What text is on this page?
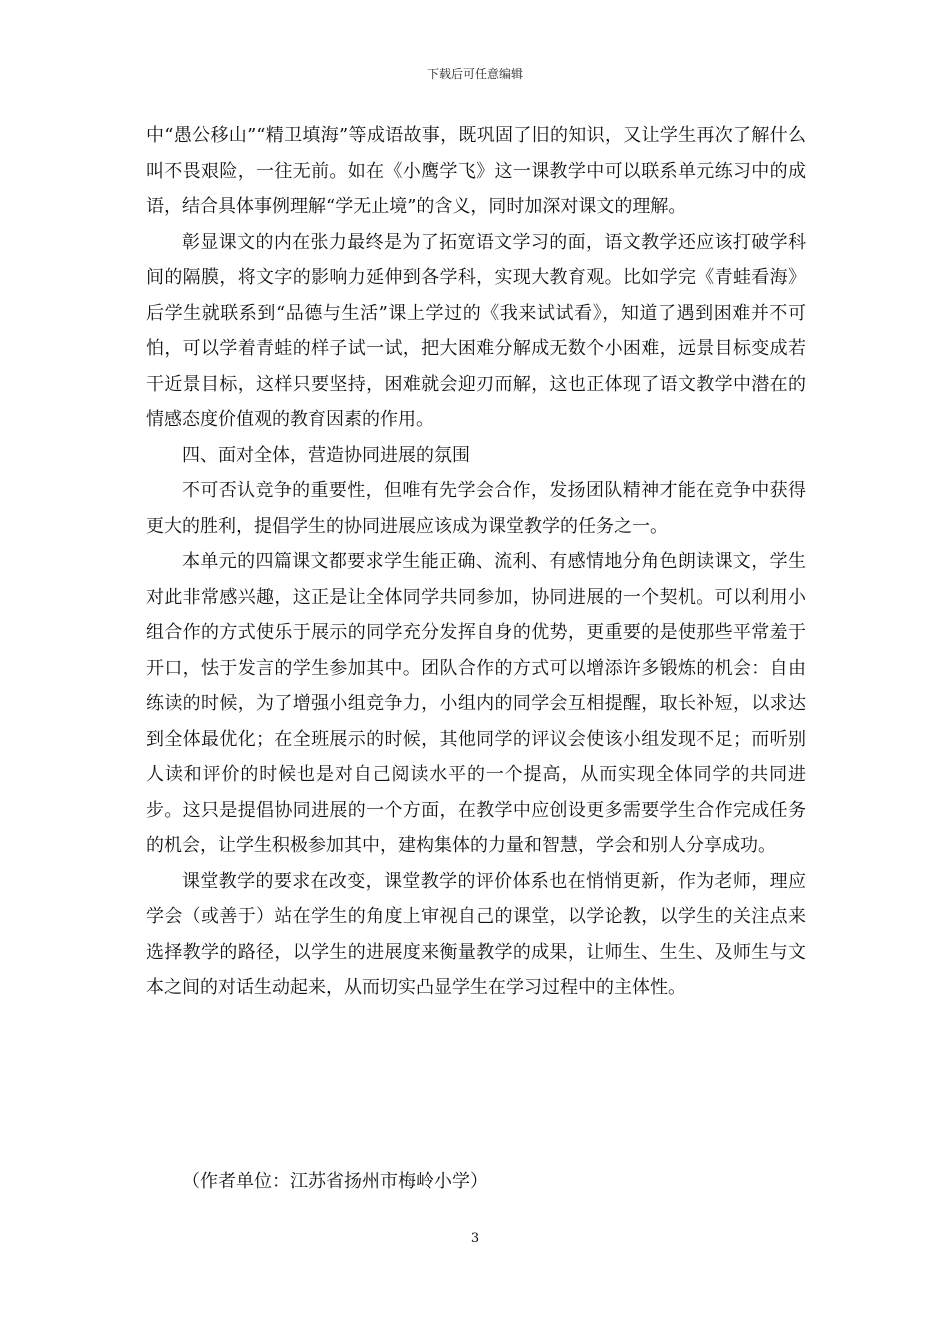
下载后可任意编辑

中“愚公移山”“精卫填海”等成语故事，既巩固了旧的知识，又让学生再次了解什么叫不畏艰险，一往无前。如在《小鹰学飞》这一课教学中可以联系单元练习中的成语，结合具体事例理解“学无止境”的含义，同时加深对课文的理解。

彰显课文的内在张力最终是为了拓宽语文学习的面，语文教学还应该打破学科间的隔膜，将文字的影响力延伸到各学科，实现大教育观。比如学完《青蛙看海》后学生就联系到“品德与生活”课上学过的《我来试试看》，知道了遇到困难并不可怕，可以学着青蛙的样子试一试，把大困难分解成无数个小困难，远景目标变成若干近景目标，这样只要坚持，困难就会迎刃而解，这也正体现了语文教学中潜在的情感态度价值观的教育因素的作用。

四、面对全体，营造协同进展的氛围

不可否认竞争的重要性，但唯有先学会合作，发扬团队精神才能在竞争中获得更大的胜利，提倡学生的协同进展应该成为课堂教学的任务之一。

本单元的四篇课文都要求学生能正确、流利、有感情地分角色朗读课文，学生对此非常感兴趣，这正是让全体同学共同参加，协同进展的一个契机。可以利用小组合作的方式使乐于展示的同学充分发挥自身的优势，更重要的是使那些平常羞于开口，怯于发言的学生参加其中。团队合作的方式可以增添许多锻炼的机会：自由练读的时候，为了增强小组竞争力，小组内的同学会互相提醒，取长补短，以求达到全体最优化；在全班展示的时候，其他同学的评议会使该小组发现不足；而听别人读和评价的时候也是对自己阅读水平的一个提高，从而实现全体同学的共同进步。这只是提倡协同进展的一个方面，在教学中应创设更多需要学生合作完成任务的机会，让学生积极参加其中，建构集体的力量和智慧，学会和别人分享成功。

课堂教学的要求在改变，课堂教学的评价体系也在悄悄更新，作为老师，理应学会（或善于）站在学生的角度上审视自己的课堂，以学论教，以学生的关注点来选择教学的路径，以学生的进展度来衡量教学的成果，让师生、生生、及师生与文本之间的对话生动起来，从而切实凸显学生在学习过程中的主体性。

（作者单位：江苏省扬州市梅岭小学）
3
